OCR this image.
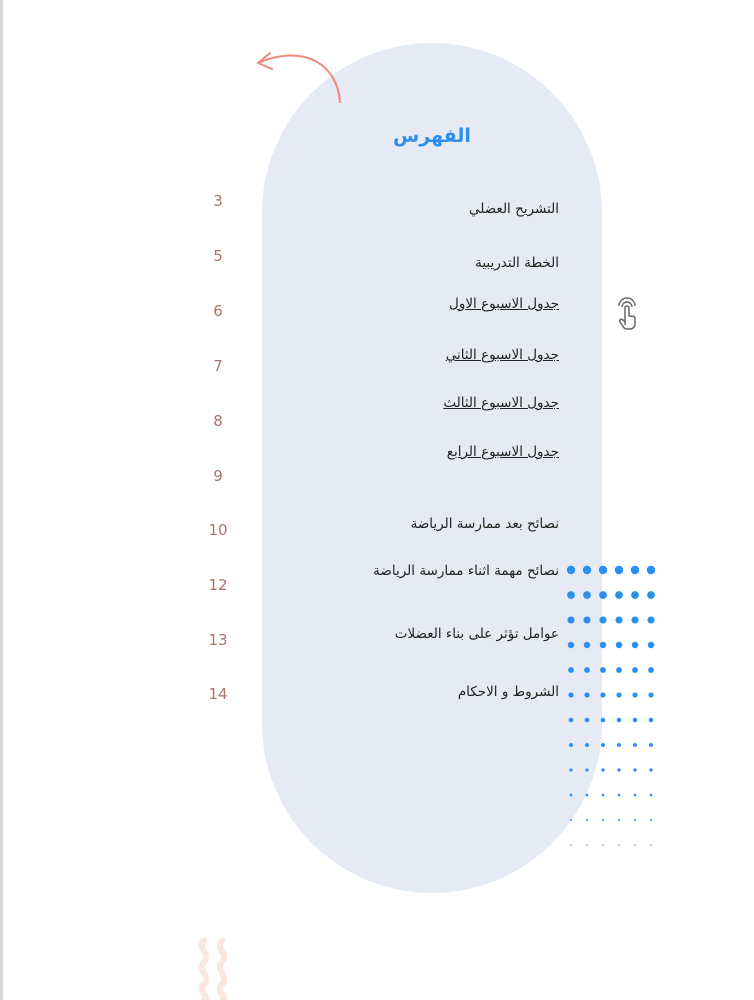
الفهرس
التشريح العضلي
الخطة التدريبية
جدول الاسبوع الاول
جدول الاسبوع الثاني
جدول الاسبوع الثالث
جدول الاسبوع الرابع
نصائح بعد ممارسة الرياضة
نصائح مهمة اثناء ممارسة الرياضة
عوامل تؤثر على بناء العضلات
الشروط و الاحكام
3
5
6
7
8
9
10
12
13
14
